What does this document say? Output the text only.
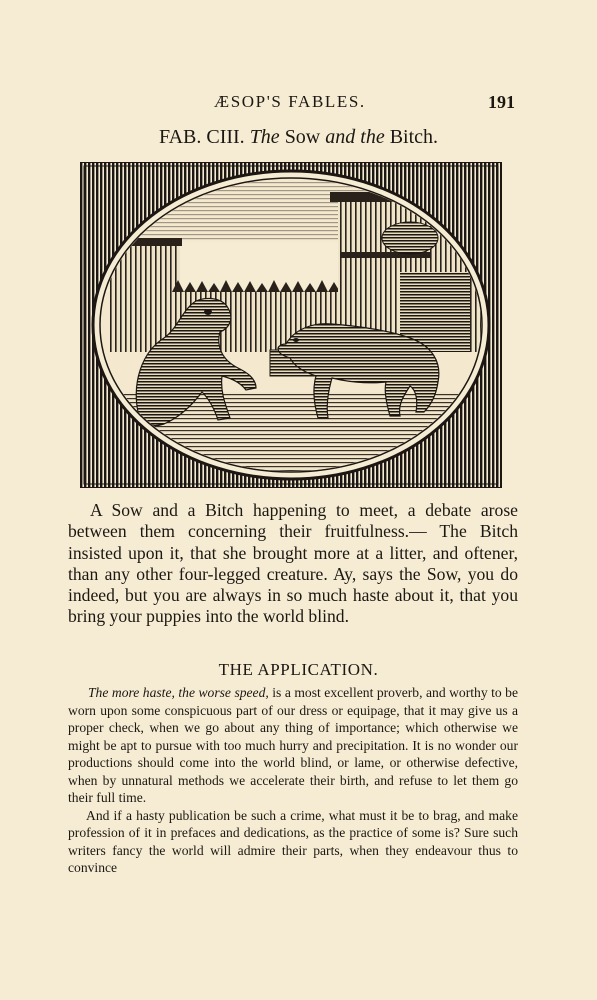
ÆSOP'S FABLES.	191
FAB. CIII. The Sow and the Bitch.

A Sow and a Bitch happening to meet, a debate arose between them concerning their fruitfulness.— The Bitch insisted upon it, that she brought more at a litter, and oftener, than any other four-legged creature. Ay, says the Sow, you do indeed, but you are always in so much haste about it, that you bring your puppies into the world blind.

THE APPLICATION.

The more haste, the worse speed, is a most excellent proverb, and worthy to be worn upon some conspicuous part of our dress or equipage, that it may give us a proper check, when we go about any thing of importance; which otherwise we might be apt to pursue with too much hurry and precipitation. It is no wonder our productions should come into the world blind, or lame, or otherwise defective, when by unnatural methods we accelerate their birth, and refuse to let them go their full time.

And if a hasty publication be such a crime, what must it be to brag, and make profession of it in prefaces and dedications, as the practice of some is? Sure such writers fancy the world will admire their parts, when they endeavour thus to convince
